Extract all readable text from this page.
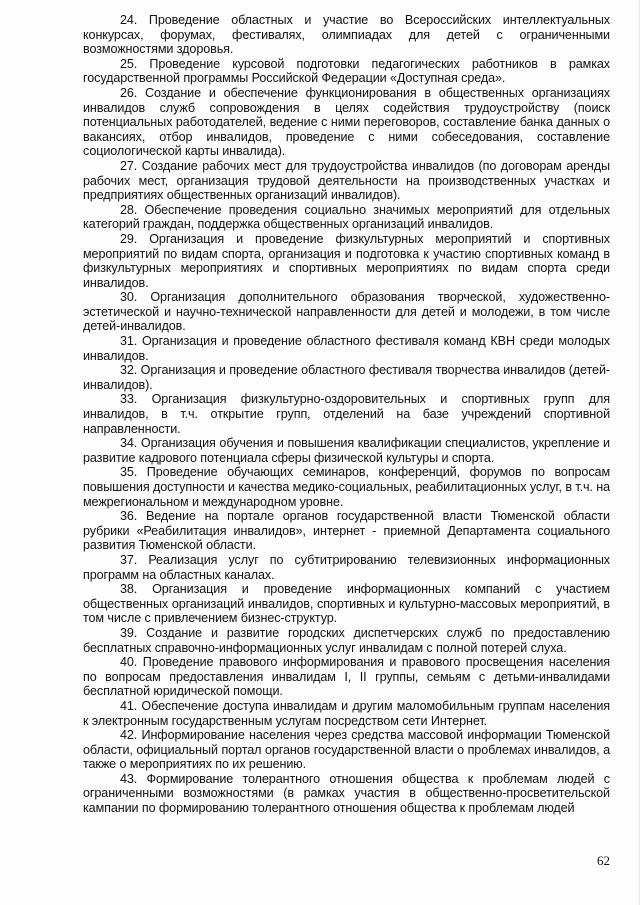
24. Проведение областных и участие во Всероссийских интеллектуальных конкурсах, форумах, фестивалях, олимпиадах для детей с ограниченными возможностями здоровья.

25. Проведение курсовой подготовки педагогических работников в рамках государственной программы Российской Федерации «Доступная среда».

26. Создание и обеспечение функционирования в общественных организациях инвалидов служб сопровождения в целях содействия трудоустройству (поиск потенциальных работодателей, ведение с ними переговоров, составление банка данных о вакансиях, отбор инвалидов, проведение с ними собеседования, составление социологической карты инвалида).

27. Создание рабочих мест для трудоустройства инвалидов (по договорам аренды рабочих мест, организация трудовой деятельности на производственных участках и предприятиях общественных организаций инвалидов).

28. Обеспечение проведения социально значимых мероприятий для отдельных категорий граждан, поддержка общественных организаций инвалидов.

29. Организация и проведение физкультурных мероприятий и спортивных мероприятий по видам спорта, организация и подготовка к участию спортивных команд в физкультурных мероприятиях и спортивных мероприятиях по видам спорта среди инвалидов.

30. Организация дополнительного образования творческой, художественно-эстетической и научно-технической направленности для детей и молодежи, в том числе детей-инвалидов.

31. Организация и проведение областного фестиваля команд КВН среди молодых инвалидов.

32. Организация и проведение областного фестиваля творчества инвалидов (детей-инвалидов).

33. Организация физкультурно-оздоровительных и спортивных групп для инвалидов, в т.ч. открытие групп, отделений на базе учреждений спортивной направленности.

34. Организация обучения и повышения квалификации специалистов, укрепление и развитие кадрового потенциала сферы физической культуры и спорта.

35. Проведение обучающих семинаров, конференций, форумов по вопросам повышения доступности и качества медико-социальных, реабилитационных услуг, в т.ч. на межрегиональном и международном уровне.

36. Ведение на портале органов государственной власти Тюменской области рубрики «Реабилитация инвалидов», интернет - приемной Департамента социального развития Тюменской области.

37. Реализация услуг по субтитрированию телевизионных информационных программ на областных каналах.

38. Организация и проведение информационных компаний с участием общественных организаций инвалидов, спортивных и культурно-массовых мероприятий, в том числе с привлечением бизнес-структур.

39. Создание и развитие городских диспетчерских служб по предоставлению бесплатных справочно-информационных услуг инвалидам с полной потерей слуха.

40. Проведение правового информирования и правового просвещения населения по вопросам предоставления инвалидам I, II группы, семьям с детьми-инвалидами бесплатной юридической помощи.

41. Обеспечение доступа инвалидам и другим маломобильным группам населения к электронным государственным услугам посредством сети Интернет.

42. Информирование населения через средства массовой информации Тюменской области, официальный портал органов государственной власти о проблемах инвалидов, а также о мероприятиях по их решению.

43. Формирование толерантного отношения общества к проблемам людей с ограниченными возможностями (в рамках участия в общественно-просветительской кампании по формированию толерантного отношения общества к проблемам людей

62
